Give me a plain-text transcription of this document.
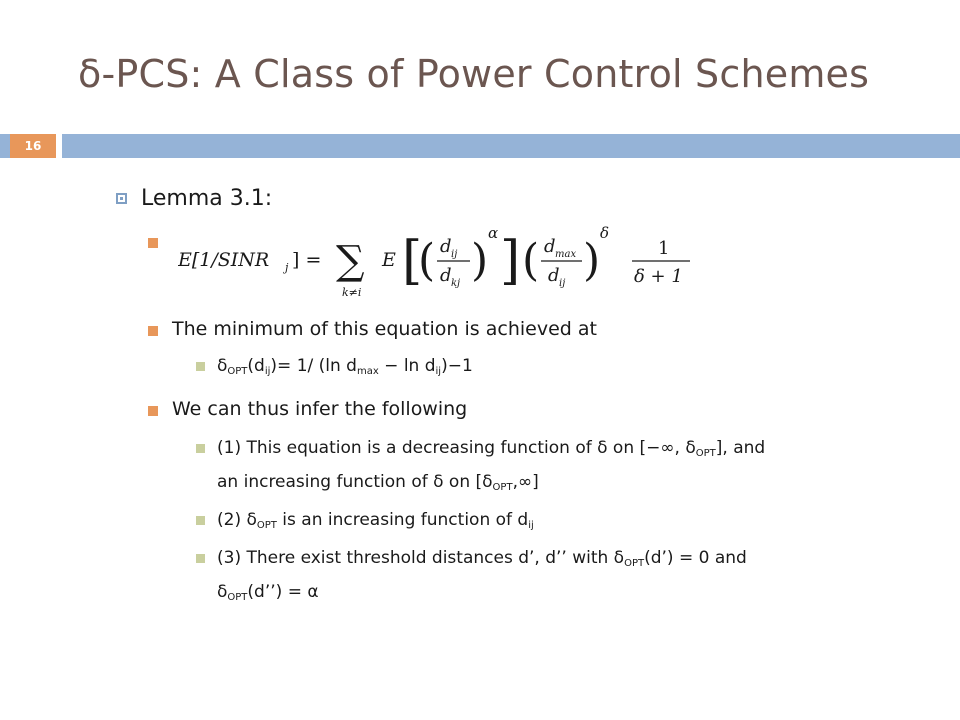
δ-PCS: A Class of Power Control Schemes
16
Lemma 3.1:
E[1/SINR j ] = ∑
k≠i
E [
( d ij
d kj )
α ] ( d max
d ij )
δ
1
δ + 1
The minimum of this equation is achieved at
$\delta_{OPT}(d_{ij})= 1/$ (ln $d_{max} - \ln d_{ij})-1$
We can thus infer the following
(1) This equation is a decreasing function of δ on [−∞, $\delta_{OPT}$], and
an increasing function of δ on $[\delta_{OPT},\infty]$
(2) $\delta_{OPT}$ is an increasing function of $d_{ij}$
(3) There exist threshold distances d’, d’’ with $\delta_{OPT}(d’) = 0$ and
$\delta_{OPT}(d’’) = \alpha$
